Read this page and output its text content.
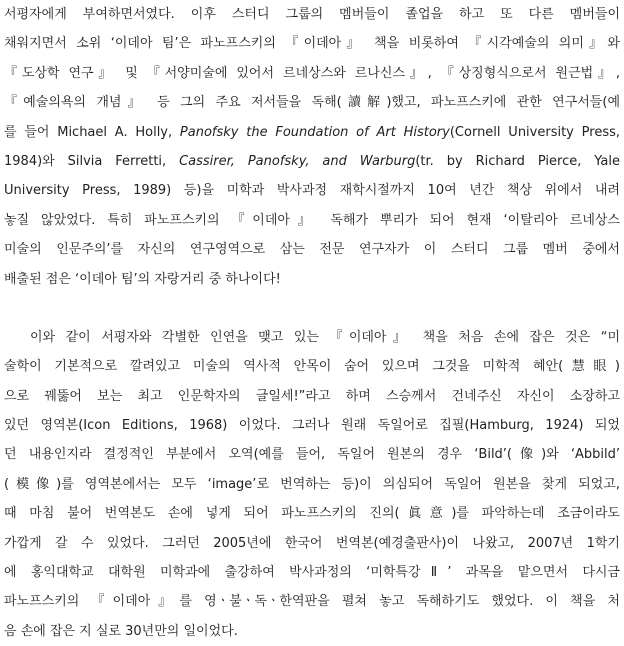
서평자에게 부여하면서였다. 이후 스터디 그룹의 멤버들이 졸업을 하고 또 다른 멤버들이
채워지면서 소위 ‘이데아 팀’은 파노프스키의 『이데아』 책을 비롯하여 『시각예술의 의미』와
『도상학 연구』 및 『서양미술에 있어서 르네상스와 르나신스』, 『상징형식으로서 원근법』,
『예술의욕의 개념』 등 그의 주요 저서들을 독해(讀解)했고, 파노프스키에 관한 연구서들(예
를 들어 Michael A. Holly, Panofsky the Foundation of Art History(Cornell University Press,
1984)와 Silvia Ferretti, Cassirer, Panofsky, and Warburg(tr. by Richard Pierce, Yale
University Press, 1989) 등)을 미학과 박사과정 재학시절까지 10여 년간 책상 위에서 내려
놓질 않았었다. 특히 파노프스키의 『이데아』 독해가 뿌리가 되어 현재 ‘이탈리아 르네상스
미술의 인문주의’를 자신의 연구영역으로 삼는 전문 연구자가 이 스터디 그룹 멤버 중에서
배출된 점은 ‘이데아 팀’의 자랑거리 중 하나이다!
이와 같이 서평자와 각별한 인연을 맺고 있는 『이데아』 책을 처음 손에 잡은 것은 “미
술학이 기본적으로 깔려있고 미술의 역사적 안목이 숨어 있으며 그것을 미학적 혜안(慧眼)
으로 꿰뚫어 보는 최고 인문학자의 글일세!”라고 하며 스승께서 건네주신 자신이 소장하고
있던 영역본(Icon Editions, 1968) 이었다. 그러나 원래 독일어로 집필(Hamburg, 1924) 되었
던 내용인지라 결정적인 부분에서 오역(예를 들어, 독일어 원본의 경우 ‘Bild’(像)와 ‘Abbild’
(模像)를 영역본에서는 모두 ‘image’로 번역하는 등)이 의심되어 독일어 원본을 찾게 되었고,
때 마침 불어 번역본도 손에 넣게 되어 파노프스키의 진의(眞意)를 파악하는데 조금이라도
가깝게 갈 수 있었다. 그러던 2005년에 한국어 번역본(예경출판사)이 나왔고, 2007년 1학기
에 홍익대학교 대학원 미학과에 출강하여 박사과정의 ‘미학특강Ⅱ’ 과목을 맡으면서 다시금
파노프스키의 『이데아』를 영ㆍ불ㆍ독ㆍ한역판을 펼쳐 놓고 독해하기도 했었다. 이 책을 처
음 손에 잡은 지 실로 30년만의 일이었다.
